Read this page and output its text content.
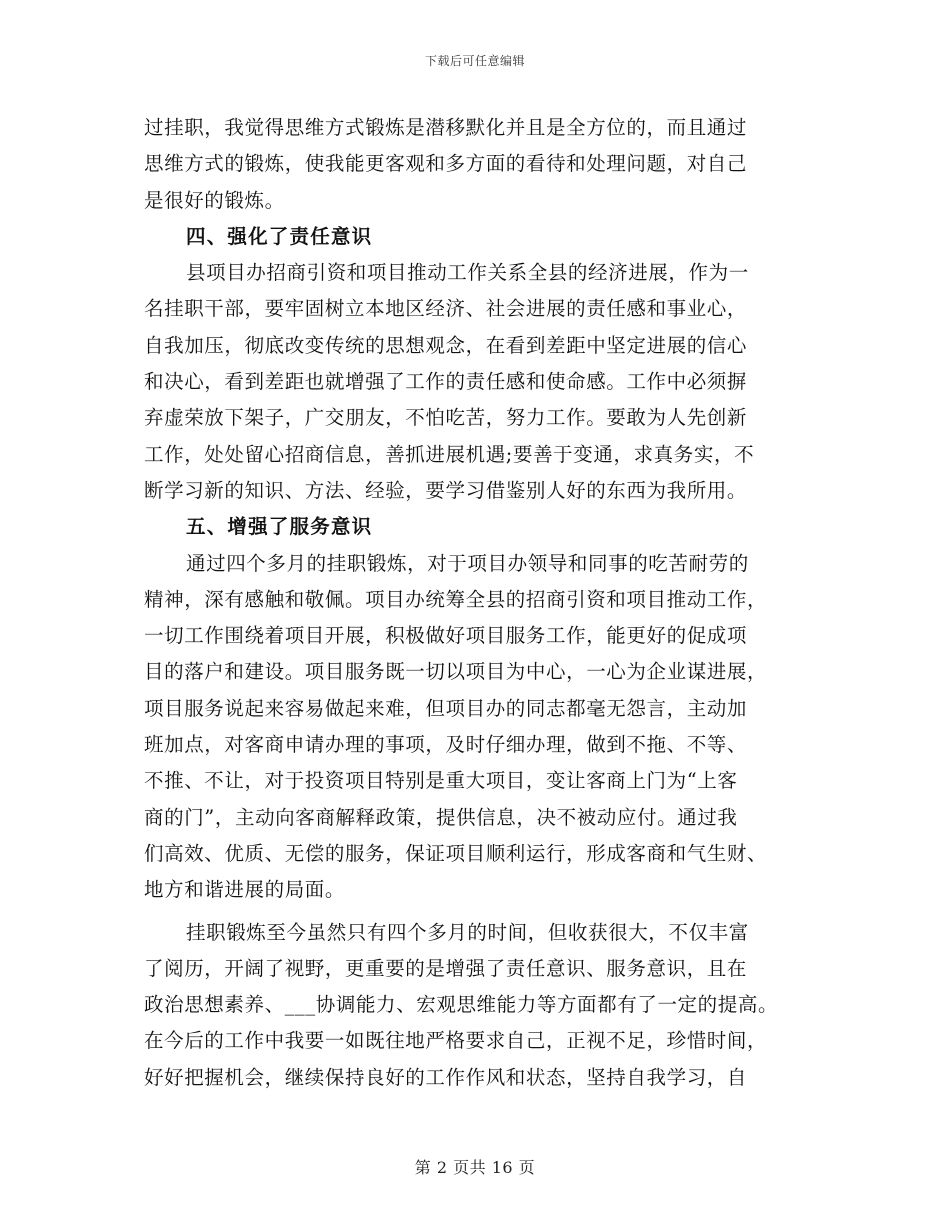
下载后可任意编辑
过挂职，我觉得思维方式锻炼是潜移默化并且是全方位的，而且通过
思维方式的锻炼，使我能更客观和多方面的看待和处理问题，对自己
是很好的锻炼。
四、强化了责任意识
县项目办招商引资和项目推动工作关系全县的经济进展，作为一
名挂职干部，要牢固树立本地区经济、社会进展的责任感和事业心，
自我加压，彻底改变传统的思想观念，在看到差距中坚定进展的信心
和决心，看到差距也就增强了工作的责任感和使命感。工作中必须摒
弃虚荣放下架子，广交朋友，不怕吃苦，努力工作。要敢为人先创新
工作，处处留心招商信息，善抓进展机遇;要善于变通，求真务实，不
断学习新的知识、方法、经验，要学习借鉴别人好的东西为我所用。
五、增强了服务意识
通过四个多月的挂职锻炼，对于项目办领导和同事的吃苦耐劳的
精神，深有感触和敬佩。项目办统筹全县的招商引资和项目推动工作，
一切工作围绕着项目开展，积极做好项目服务工作，能更好的促成项
目的落户和建设。项目服务既一切以项目为中心，一心为企业谋进展，
项目服务说起来容易做起来难，但项目办的同志都毫无怨言，主动加
班加点，对客商申请办理的事项，及时仔细办理，做到不拖、不等、
不推、不让，对于投资项目特别是重大项目，变让客商上门为“上客
商的门”，主动向客商解释政策，提供信息，决不被动应付。通过我
们高效、优质、无偿的服务，保证项目顺利运行，形成客商和气生财、
地方和谐进展的局面。
挂职锻炼至今虽然只有四个多月的时间，但收获很大，不仅丰富
了阅历，开阔了视野，更重要的是增强了责任意识、服务意识，且在
政治思想素养、___协调能力、宏观思维能力等方面都有了一定的提高。
在今后的工作中我要一如既往地严格要求自己，正视不足，珍惜时间，
好好把握机会，继续保持良好的工作作风和状态，坚持自我学习，自
第 2 页共 16 页
